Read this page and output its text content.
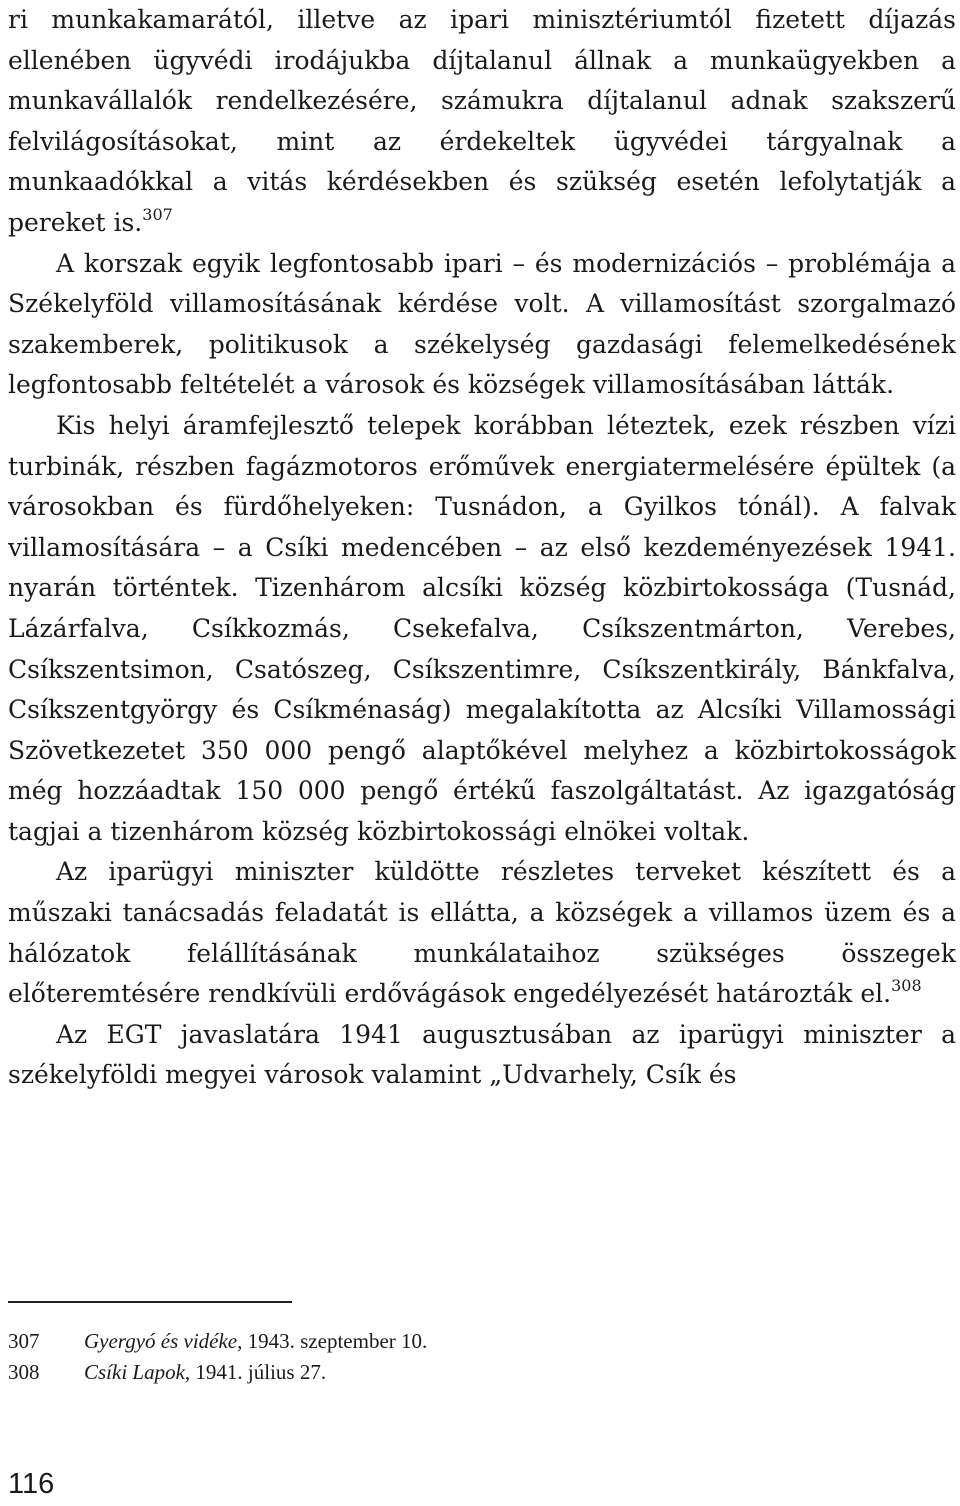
ri munkakamarától, illetve az ipari minisztériumtól fizetett díjazás ellenében ügyvédi irodájukba díjtalanul állnak a munkaügyekben a munkavállalók rendelkezésére, számukra díjtalanul adnak szakszerű felvilágosításokat, mint az érdekeltek ügyvédei tárgyalnak a munkaadókkal a vitás kérdésekben és szükség esetén lefolytatják a pereket is.$^{307}$

A korszak egyik legfontosabb ipari – és modernizációs – problémája a Székelyföld villamosításának kérdése volt. A villamosítást szorgalmazó szakemberek, politikusok a székelység gazdasági felemelkedésének legfontosabb feltételét a városok és községek villamosításában látták.

Kis helyi áramfejlesztő telepek korábban léteztek, ezek részben vízi turbinák, részben fagázmotoros erőművek energiatermelésére épültek (a városokban és fürdőhelyeken: Tusnádon, a Gyilkos tónál). A falvak villamosítására – a Csíki medencében – az első kezdeményezések 1941. nyarán történtek. Tizenhárom alcsíki község közbirtokossága (Tusnád, Lázárfalva, Csíkkozmás, Csekefalva, Csíkszentmárton, Verebes, Csíkszentsimon, Csatószeg, Csíkszentimre, Csíkszentkirály, Bánkfalva, Csíkszentgyörgy és Csíkménaság) megalakította az Alcsíki Villamossági Szövetkezetet 350 000 pengő alaptőkével melyhez a közbirtokosságok még hozzáadtak 150 000 pengő értékű faszolgáltatást. Az igazgatóság tagjai a tizenhárom község közbirtokossági elnökei voltak.

Az iparügyi miniszter küldötte részletes terveket készített és a műszaki tanácsadás feladatát is ellátta, a községek a villamos üzem és a hálózatok felállításának munkálataihoz szükséges összegek előteremtésére rendkívüli erdővágások engedélyezését határozták el.$^{308}$

Az EGT javaslatára 1941 augusztusában az iparügyi miniszter a székelyföldi megyei városok valamint „Udvarhely, Csík és

307	Gyergyó és vidéke, 1943. szeptember 10.
308	Csíki Lapok, 1941. július 27.
116
